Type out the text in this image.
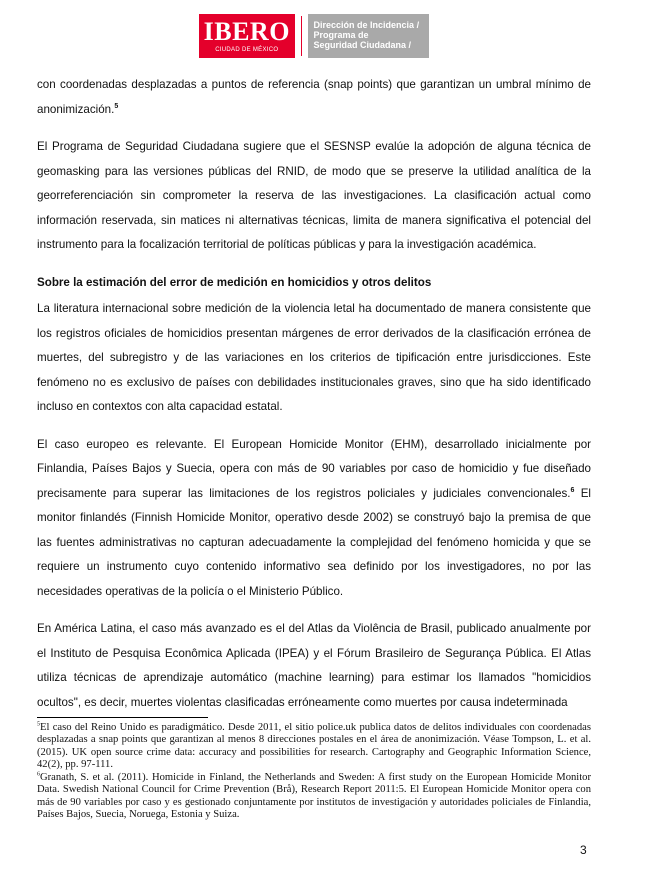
IBERO
CIUDAD DE MÉXICO
Dirección de Incidencia /
Programa de
Seguridad Ciudadana /

con coordenadas desplazadas a puntos de referencia (snap points) que garantizan un umbral mínimo de anonimización.$^5$

El Programa de Seguridad Ciudadana sugiere que el SESNSP evalúe la adopción de alguna técnica de geomasking para las versiones públicas del RNID, de modo que se preserve la utilidad analítica de la georreferenciación sin comprometer la reserva de las investigaciones. La clasificación actual como información reservada, sin matices ni alternativas técnicas, limita de manera significativa el potencial del instrumento para la focalización territorial de políticas públicas y para la investigación académica.

Sobre la estimación del error de medición en homicidios y otros delitos

La literatura internacional sobre medición de la violencia letal ha documentado de manera consistente que los registros oficiales de homicidios presentan márgenes de error derivados de la clasificación errónea de muertes, del subregistro y de las variaciones en los criterios de tipificación entre jurisdicciones. Este fenómeno no es exclusivo de países con debilidades institucionales graves, sino que ha sido identificado incluso en contextos con alta capacidad estatal.

El caso europeo es relevante. El European Homicide Monitor (EHM), desarrollado inicialmente por Finlandia, Países Bajos y Suecia, opera con más de 90 variables por caso de homicidio y fue diseñado precisamente para superar las limitaciones de los registros policiales y judiciales convencionales.$^6$ El monitor finlandés (Finnish Homicide Monitor, operativo desde 2002) se construyó bajo la premisa de que las fuentes administrativas no capturan adecuadamente la complejidad del fenómeno homicida y que se requiere un instrumento cuyo contenido informativo sea definido por los investigadores, no por las necesidades operativas de la policía o el Ministerio Público.

En América Latina, el caso más avanzado es el del Atlas da Violência de Brasil, publicado anualmente por el Instituto de Pesquisa Econômica Aplicada (IPEA) y el Fórum Brasileiro de Segurança Pública. El Atlas utiliza técnicas de aprendizaje automático (machine learning) para estimar los llamados "homicidios ocultos", es decir, muertes violentas clasificadas erróneamente como muertes por causa indeterminada

$^5$El caso del Reino Unido es paradigmático. Desde 2011, el sitio police.uk publica datos de delitos individuales con coordenadas desplazadas a snap points que garantizan al menos 8 direcciones postales en el área de anonimización. Véase Tompson, L. et al. (2015). UK open source crime data: accuracy and possibilities for research. Cartography and Geographic Information Science, 42(2), pp. 97-111.

$^6$Granath, S. et al. (2011). Homicide in Finland, the Netherlands and Sweden: A first study on the European Homicide Monitor Data. Swedish National Council for Crime Prevention (Brå), Research Report 2011:5. El European Homicide Monitor opera con más de 90 variables por caso y es gestionado conjuntamente por institutos de investigación y autoridades policiales de Finlandia, Países Bajos, Suecia, Noruega, Estonia y Suiza.

3
